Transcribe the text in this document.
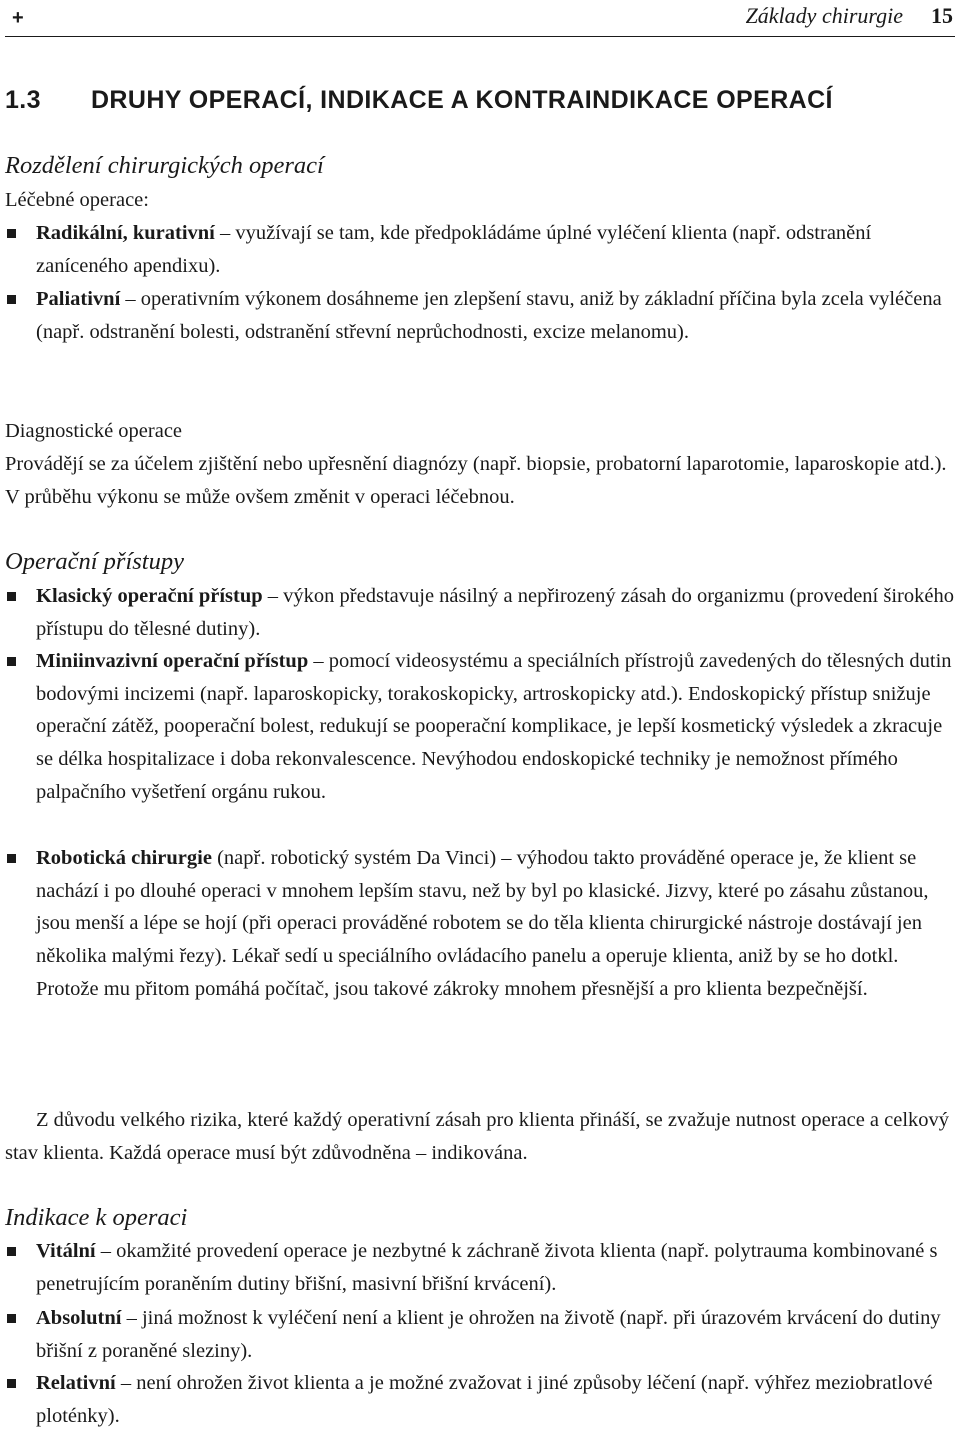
+	Základy chirurgie 15
1.3 DRUHY OPERACÍ, INDIKACE A KONTRAINDIKACE OPERACÍ
Rozdělení chirurgických operací
Léčebné operace:
Radikální, kurativní – využívají se tam, kde předpokládáme úplné vyléčení klienta (např. odstranění zaníceného apendixu).
Paliativní – operativním výkonem dosáhneme jen zlepšení stavu, aniž by základní příčina byla zcela vyléčena (např. odstranění bolesti, odstranění střevní neprůchodnosti, excize melanomu).
Diagnostické operace

Provádějí se za účelem zjištění nebo upřesnění diagnózy (např. biopsie, probatorní laparotomie, laparoskopie atd.). V průběhu výkonu se může ovšem změnit v operaci léčebnou.

Operační přístupy
Klasický operační přístup – výkon představuje násilný a nepřirozený zásah do organizmu (provedení širokého přístupu do tělesné dutiny).
Miniinvazivní operační přístup – pomocí videosystému a speciálních přístrojů zavedených do tělesných dutin bodovými incizemi (např. laparoskopicky, torakoskopicky, artroskopicky atd.). Endoskopický přístup snižuje operační zátěž, pooperační bolest, redukují se pooperační komplikace, je lepší kosmetický výsledek a zkracuje se délka hospitalizace i doba rekonvalescence. Nevýhodou endoskopické techniky je nemožnost přímého palpačního vyšetření orgánu rukou.
Robotická chirurgie (např. robotický systém Da Vinci) – výhodou takto prováděné operace je, že klient se nachází i po dlouhé operaci v mnohem lepším stavu, než by byl po klasické. Jizvy, které po zásahu zůstanou, jsou menší a lépe se hojí (při operaci prováděné robotem se do těla klienta chirurgické nástroje dostávají jen několika malými řezy). Lékař sedí u speciálního ovládacího panelu a operuje klienta, aniž by se ho dotkl. Protože mu přitom pomáhá počítač, jsou takové zákroky mnohem přesnější a pro klienta bezpečnější.

Z důvodu velkého rizika, které každý operativní zásah pro klienta přináší, se zvažuje nutnost operace a celkový stav klienta. Každá operace musí být zdůvodněna – indikována.

Indikace k operaci
Vitální – okamžité provedení operace je nezbytné k záchraně života klienta (např. polytrauma kombinované s penetrujícím poraněním dutiny břišní, masivní břišní krvácení).
Absolutní – jiná možnost k vyléčení není a klient je ohrožen na životě (např. při úrazovém krvácení do dutiny břišní z poraněné sleziny).
Relativní – není ohrožen život klienta a je možné zvažovat i jiné způsoby léčení (např. výhřez meziobratlové ploténky).
